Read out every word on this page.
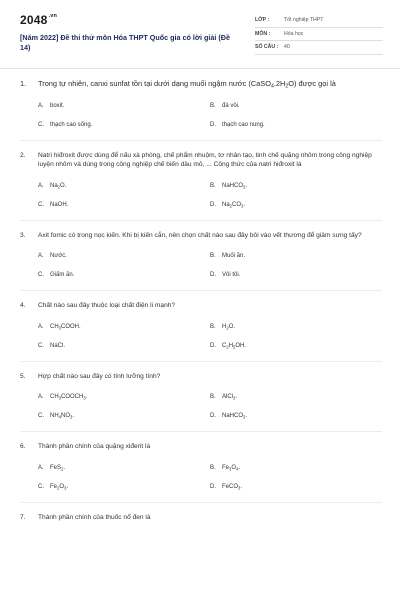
$2048^{.vn}$
[Năm 2022] Đề thi thử môn Hóa THPT Quốc gia có lời giải (Đề 14)
LỚP :	Tốt nghiệp THPT
MÔN :	Hóa học
SỐ CÂU :	40
1.	Trong tự nhiên, canxi sunfat tồn tại dưới dạng muối ngậm nước $(CaSO_4.2H_2O)$ được gọi là
A.	boxit.	B.	đá vôi.
C.	thạch cao sống.	D.	thạch cao nung.
2.	Natri hiđroxit được dùng để nấu xà phòng, chế phẩm nhuộm, tơ nhân tạo, tinh chế quặng nhôm trong công nghiệp luyện nhôm và dùng trong công nghiệp chế biến dầu mỏ, ... Công thức của natri hiđroxit là
A.	$Na_2O$.	B.	NaHCO$_3$.
C.	NaOH.	D.	$Na_2CO_3$.
3.	Axit fomic có trong nọc kiến. Khi bị kiến cắn, nên chọn chất nào sau đây bôi vào vết thương để giảm sưng tấy?
A.	Nước.	B.	Muối ăn.
C.	Giấm ăn.	D.	Vôi tôi.
4.	Chất nào sau đây thuộc loại chất điện li mạnh?
A.	$CH_3COOH$.	B.	$H_2O$.
C.	NaCl.	D.	$C_2H_5OH$.
5.	Hợp chất nào sau đây có tính lưỡng tính?
A.	$CH_3COOCH_3$.	B.	AlCl$_3$.
C.	$NH_4NO_3$.	D.	NaHCO$_3$.
6.	Thành phần chính của quặng xiđerit là
A.	FeS$_2$.	B.	$Fe_3O_4$.
C.	$Fe_2O_3$.	D.	FeCO$_3$.
7.	Thành phần chính của thuốc nổ đen là
